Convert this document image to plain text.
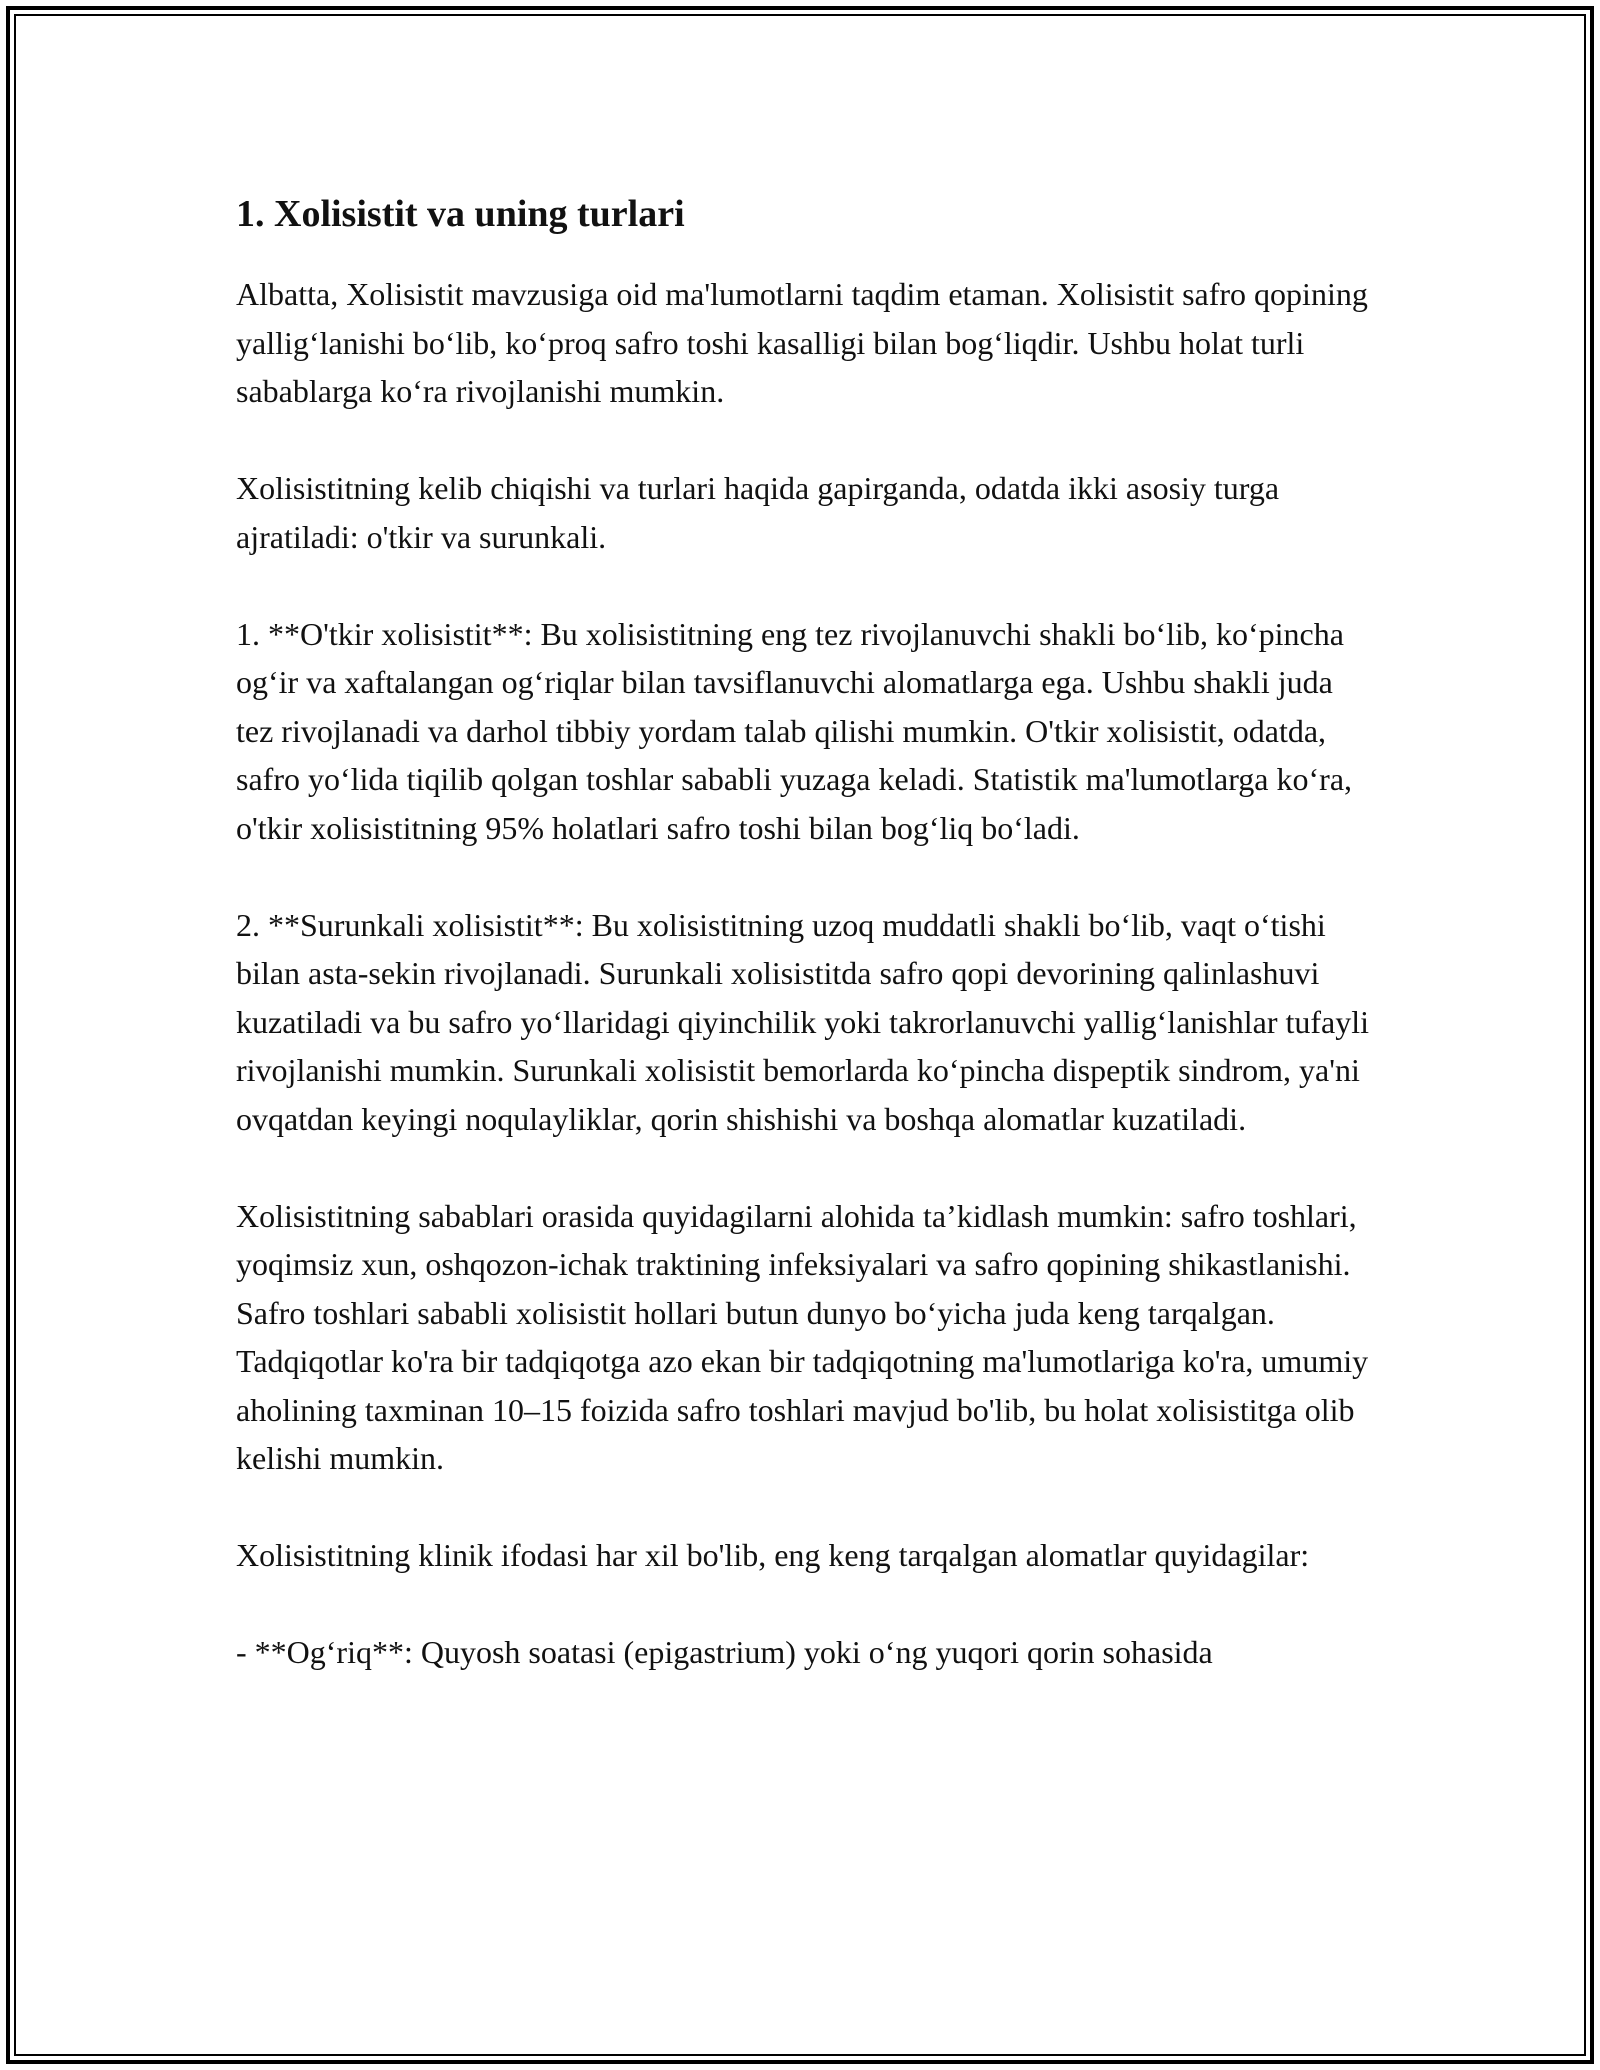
1. Xolisistit va uning turlari

Albatta, Xolisistit mavzusiga oid ma'lumotlarni taqdim etaman. Xolisistit safro qopining yallig‘lanishi bo‘lib, ko‘proq safro toshi kasalligi bilan bog‘liqdir. Ushbu holat turli sabablarga ko‘ra rivojlanishi mumkin.

Xolisistitning kelib chiqishi va turlari haqida gapirganda, odatda ikki asosiy turga ajratiladi: o'tkir va surunkali.

1. **O'tkir xolisistit**: Bu xolisistitning eng tez rivojlanuvchi shakli bo‘lib, ko‘pincha og‘ir va xaftalangan og‘riqlar bilan tavsiflanuvchi alomatlarga ega. Ushbu shakli juda tez rivojlanadi va darhol tibbiy yordam talab qilishi mumkin. O'tkir xolisistit, odatda, safro yo‘lida tiqilib qolgan toshlar sababli yuzaga keladi. Statistik ma'lumotlarga ko‘ra, o'tkir xolisistitning 95% holatlari safro toshi bilan bog‘liq bo‘ladi.

2. **Surunkali xolisistit**: Bu xolisistitning uzoq muddatli shakli bo‘lib, vaqt o‘tishi bilan asta-sekin rivojlanadi. Surunkali xolisistitda safro qopi devorining qalinlashuvi kuzatiladi va bu safro yo‘llaridagi qiyinchilik yoki takrorlanuvchi yallig‘lanishlar tufayli rivojlanishi mumkin. Surunkali xolisistit bemorlarda ko‘pincha dispeptik sindrom, ya'ni ovqatdan keyingi noqulayliklar, qorin shishishi va boshqa alomatlar kuzatiladi.

Xolisistitning sabablari orasida quyidagilarni alohida ta’kidlash mumkin: safro toshlari, yoqimsiz xun, oshqozon-ichak traktining infeksiyalari va safro qopining shikastlanishi. Safro toshlari sababli xolisistit hollari butun dunyo bo‘yicha juda keng tarqalgan. Tadqiqotlar ko'ra bir tadqiqotga azo ekan bir tadqiqotning ma'lumotlariga ko'ra, umumiy aholining taxminan 10–15 foizida safro toshlari mavjud bo'lib, bu holat xolisistitga olib kelishi mumkin.

Xolisistitning klinik ifodasi har xil bo'lib, eng keng tarqalgan alomatlar quyidagilar:

- **Og‘riq**: Quyosh soatasi (epigastrium) yoki o‘ng yuqori qorin sohasida
